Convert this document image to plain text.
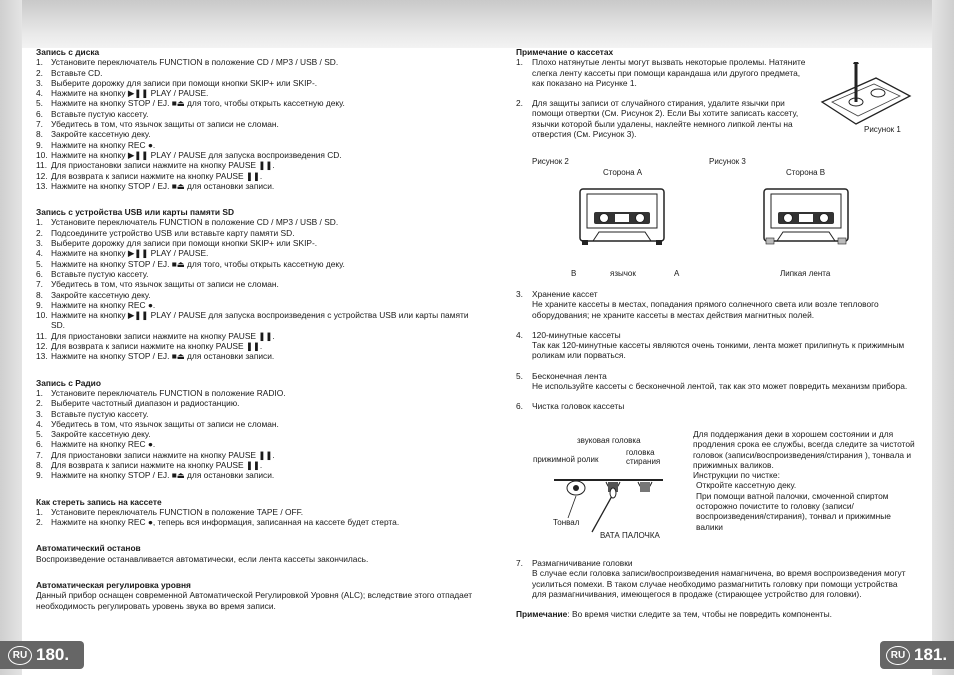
Запись с диска
1. Установите переключатель FUNCTION в положение CD / MP3 / USB / SD.
2. Вставьте CD.
3. Выберите дорожку для записи при помощи кнопки SKIP+ или SKIP-.
4. Нажмите на кнопку ▶❚❚ PLAY / PAUSE.
5. Нажмите на кнопку STOP / EJ. ■⏏ для того, чтобы открыть кассетную деку.
6. Вставьте пустую кассету.
7. Убедитесь в том, что язычок защиты от записи не сломан.
8. Закройте кассетную деку.
9. Нажмите на кнопку REC ●.
10. Нажмите на кнопку ▶❚❚ PLAY / PAUSE для запуска воспроизведения CD.
11. Для приостановки записи нажмите на кнопку PAUSE ❚❚.
12. Для возврата к записи нажмите на кнопку PAUSE ❚❚.
13. Нажмите на кнопку STOP / EJ. ■⏏ для остановки записи.
Запись с устройства USB или карты памяти SD
1. Установите переключатель FUNCTION в положение CD / MP3 / USB / SD.
2. Подсоедините устройство USB или вставьте карту памяти SD.
3. Выберите дорожку для записи при помощи кнопки SKIP+ или SKIP-.
4. Нажмите на кнопку ▶❚❚ PLAY / PAUSE.
5. Нажмите на кнопку STOP / EJ. ■⏏ для того, чтобы открыть кассетную деку.
6. Вставьте пустую кассету.
7. Убедитесь в том, что язычок защиты от записи не сломан.
8. Закройте кассетную деку.
9. Нажмите на кнопку REC ●.
10. Нажмите на кнопку ▶❚❚ PLAY / PAUSE для запуска воспроизведения с устройства USB или карты памяти SD.
11. Для приостановки записи нажмите на кнопку PAUSE ❚❚.
12. Для возврата к записи нажмите на кнопку PAUSE ❚❚.
13. Нажмите на кнопку STOP / EJ. ■⏏ для остановки записи.
Запись с Радио
1. Установите переключатель FUNCTION в положение RADIO.
2. Выберите частотный диапазон и радиостанцию.
3. Вставьте пустую кассету.
4. Убедитесь в том, что язычок защиты от записи не сломан.
5. Закройте кассетную деку.
6. Нажмите на кнопку REC ●.
7. Для приостановки записи нажмите на кнопку PAUSE ❚❚.
8. Для возврата к записи нажмите на кнопку PAUSE ❚❚.
9. Нажмите на кнопку STOP / EJ. ■⏏ для остановки записи.
Как стереть запись на кассете
1. Установите переключатель FUNCTION в положение TAPE / OFF.
2. Нажмите на кнопку REC ●, теперь вся информация, записанная на кассете будет стерта.
Автоматический останов

Воспроизведение останавливается автоматически, если лента кассеты закончилась.

Автоматическая регулировка уровня

Данный прибор оснащен современной Автоматической Регулировкой Уровня (ALC); вследствие этого отпадает необходимость регулировать уровень звука во время записи.

RU 180.
Примечание о кассетах
1. Плохо натянутые ленты могут вызвать некоторые пролемы. Натяните слегка ленту кассеты при помощи карандаша или другого предмета, как показано на Рисунке 1.
2. Для защиты записи от случайного стирания, удалите язычки при помощи отвертки (См. Рисунок 2). Если Вы хотите записать кассету, язычки которой были удалены, наклейте немного липкой ленты на отверстия (См. Рисунок 3).	Рисунок 1
Рисунок 2
Сторона А
B	язычок	A
Рисунок 3
Сторона B
Липкая лента
3. Хранение кассет
Не храните кассеты в местах, попадания прямого солнечного света или возле теплового оборудования; не храните кассеты в местах действия магнитных полей.
4. 120-минутные кассеты
Так как 120-минутные кассеты являются очень тонкими, лента может прилипнуть к прижимным роликам или порваться.
5. Бесконечная лента
Не используйте кассеты с бесконечной лентой, так как это может повредить механизм прибора.
6. Чистка головок кассеты
звуковая головка
прижимной ролик
головка стирания
Тонвал
ВАТА ПАЛОЧКА
Для поддержания деки в хорошем состоянии и для продления срока ее службы, всегда следите за чистотой головок (записи/воспроизведения/стирания ), тонвала и прижимных валиков.
Инструкции по чистке:
Откройте кассетную деку.
При помощи ватной палочки, смоченной спиртом осторожно почистите to головку (записи/ воспроизведения/стирания), тонвал и прижимные валики
7. Размагничивание головки
В случае если головка записи/воспроизведения намагничена, во время воспроизведения могут усилиться помехи. В таком случае необходимо размагнитить головку при помощи устройства для размагничивания, имеющегося в продаже (стирающее устройство для головки).
Примечание: Во время чистки следите за тем, чтобы не повредить компоненты.
RU 181.
